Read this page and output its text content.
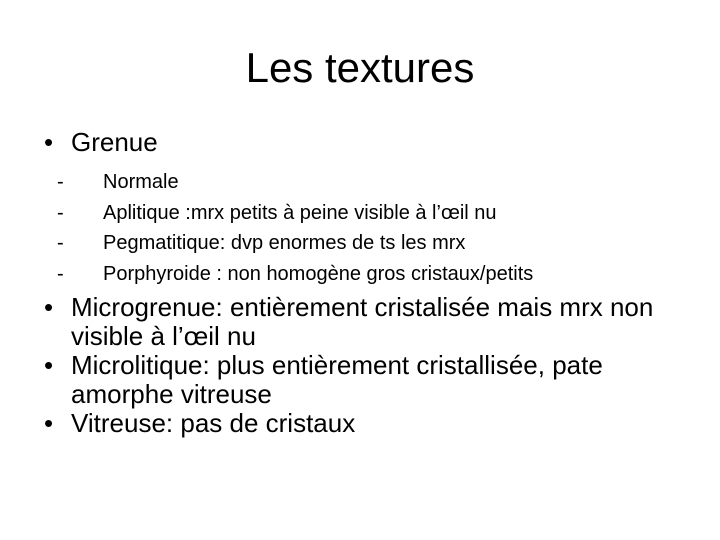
Les textures
• Grenue
- Normale
- Aplitique :mrx petits à peine visible à l’œil nu
- Pegmatitique: dvp enormes de ts les mrx
- Porphyroide : non homogène gros cristaux/petits
• Microgrenue: entièrement cristalisée mais mrx non visible à l’œil nu
• Microlitique: plus entièrement cristallisée, pate amorphe vitreuse
• Vitreuse: pas de cristaux
